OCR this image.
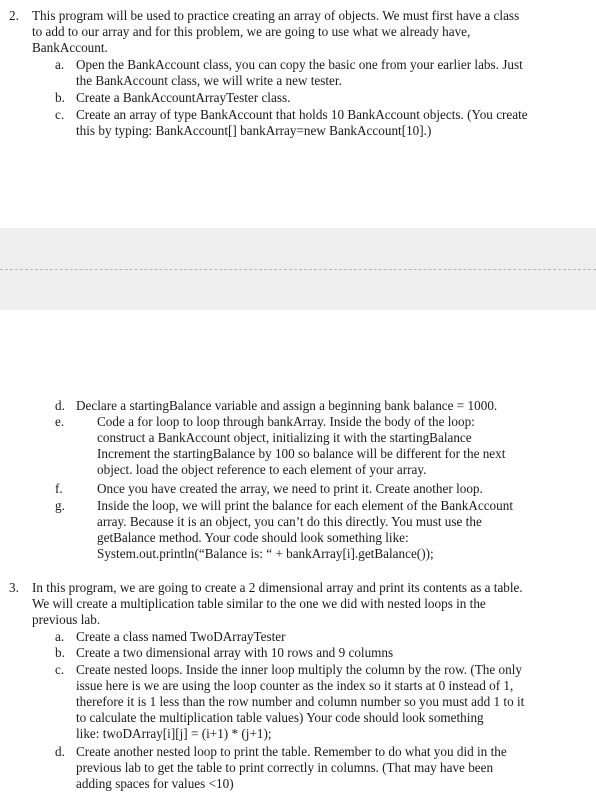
2. This program will be used to practice creating an array of objects. We must first have a class
to add to our array and for this problem, we are going to use what we already have,
BankAccount.
a. Open the BankAccount class, you can copy the basic one from your earlier labs. Just
the BankAccount class, we will write a new tester.
b. Create a BankAccountArrayTester class.
c. Create an array of type BankAccount that holds 10 BankAccount objects. (You create
this by typing: BankAccount[] bankArray=new BankAccount[10].)
d. Declare a startingBalance variable and assign a beginning bank balance = 1000.
e. Code a for loop to loop through bankArray. Inside the body of the loop:
construct a BankAccount object, initializing it with the startingBalance
Increment the startingBalance by 100 so balance will be different for the next
object. load the object reference to each element of your array.
f.	Once you have created the array, we need to print it. Create another loop.
g. Inside the loop, we will print the balance for each element of the BankAccount
array. Because it is an object, you can’t do this directly. You must use the
getBalance method. Your code should look something like:
System.out.println(“Balance is: “ + bankArray[i].getBalance());
3. In this program, we are going to create a 2 dimensional array and print its contents as a table.
We will create a multiplication table similar to the one we did with nested loops in the
previous lab.
a. Create a class named TwoDArrayTester
b. Create a two dimensional array with 10 rows and 9 columns
c. Create nested loops. Inside the inner loop multiply the column by the row. (The only
issue here is we are using the loop counter as the index so it starts at 0 instead of 1,
therefore it is 1 less than the row number and column number so you must add 1 to it
to calculate the multiplication table values) Your code should look something
like: twoDArray[i][j] = (i+1) * (j+1);
d. Create another nested loop to print the table. Remember to do what you did in the
previous lab to get the table to print correctly in columns. (That may have been
adding spaces for values <10)
